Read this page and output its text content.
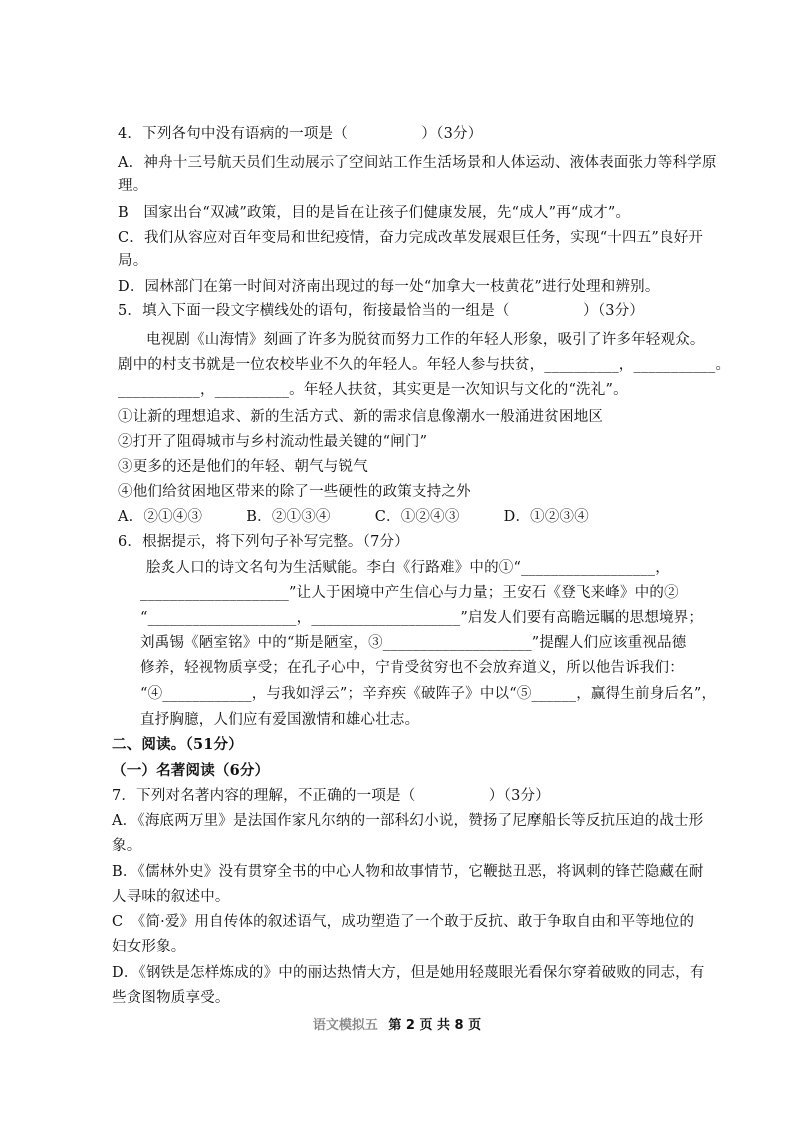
4．下列各句中没有语病的一项是（　　　　　）（3分）
A．神舟十三号航天员们生动展示了空间站工作生活场景和人体运动、液体表面张力等科学原
理。
B　国家出台“双减”政策，目的是旨在让孩子们健康发展，先“成人”再“成才”。
C．我们从容应对百年变局和世纪疫情，奋力完成改革发展艰巨任务，实现“十四五”良好开
局。
D．园林部门在第一时间对济南出现过的每一处“加拿大一枝黄花”进行处理和辨别。
5．填入下面一段文字横线处的语句，衔接最恰当的一组是（　　　　　）（3分）
电视剧《山海情》刻画了许多为脱贫而努力工作的年轻人形象，吸引了许多年轻观众。
剧中的村支书就是一位农校毕业不久的年轻人。年轻人参与扶贫，__________，___________。
___________，__________。年轻人扶贫，其实更是一次知识与文化的“洗礼”。
①让新的理想追求、新的生活方式、新的需求信息像潮水一般涌进贫困地区
②打开了阻碍城市与乡村流动性最关键的“闸门”
③更多的还是他们的年轻、朝气与锐气
④他们给贫困地区带来的除了一些硬性的政策支持之外
A．②①④③　　　B．②①③④　　　C．①②④③　　　D．①②③④
6．根据提示，将下列句子补写完整。（7分）
脍炙人口的诗文名句为生活赋能。李白《行路难》中的①“__________________，
____________________”让人于困境中产生信心与力量；王安石《登飞来峰》中的②
“____________________，____________________”启发人们要有高瞻远瞩的思想境界；
刘禹锡《陋室铭》中的“斯是陋室，③____________________”提醒人们应该重视品德
修养，轻视物质享受；在孔子心中，宁肯受贫穷也不会放弃道义，所以他告诉我们：
“④____________，与我如浮云”；辛弃疾《破阵子》中以“⑤______，赢得生前身后名”，
直抒胸臆，人们应有爱国激情和雄心壮志。
二、阅读。（51分）
（一）名著阅读（6分）
7．下列对名著内容的理解，不正确的一项是（　　　　　）（3分）
A．《海底两万里》是法国作家凡尔纳的一部科幻小说，赞扬了尼摩船长等反抗压迫的战士形
象。
B．《儒林外史》没有贯穿全书的中心人物和故事情节，它鞭挞丑恶，将讽刺的锋芒隐藏在耐
人寻味的叙述中。
C　《简·爱》用自传体的叙述语气，成功塑造了一个敢于反抗、敢于争取自由和平等地位的
妇女形象。
D．《钢铁是怎样炼成的》中的丽达热情大方，但是她用轻蔑眼光看保尔穿着破败的同志，有
些贪图物质享受。
语文模拟五 第 2 页 共 8 页
